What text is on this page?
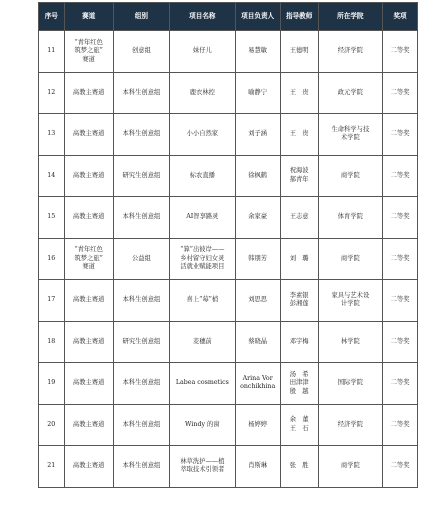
序号	赛道	组别	项目名称	项目负责人	指导教师	所在学院	奖项
11	“青年红色
筑梦之旅”
赛道	创意组	妹仔儿	易慧敏	王德明	经济学院	二等奖
12	高教主赛道	本科生创意组	鹿衣林控	喻静宁	王　贵	政元学院	二等奖
13	高教主赛道	本科生创意组	小小自然家	刘子涵	王　贵	生命科学与技
术学院	二等奖
14	高教主赛道	研究生创意组	标农直播	徐枫鹤	祝海波
郝青年	商学院	二等奖
15	高教主赛道	本科生创意组	AI智享路灵	余家豪	王志意	体育学院	二等奖
16	“青年红色
筑梦之旅”
赛道	公益组	“算”出彼岸——
乡村留守妇女灵
活就业赋能项目	韩朋芳	刘　璐	商学院	二等奖
17	高教主赛道	本科生创意组	喜上“莓”梢	刘思思	李素银
彭湘莲	家具与艺术设
计学院	二等奖
18	高教主赛道	研究生创意组	麦穗前	蔡晓晶	邓宇梅	林学院	二等奖
19	高教主赛道	本科生创意组	Labea cosmetics	Arina Vor
onchikhina	汤　希
田津津
殷　越	国际学院	二等奖
20	高教主赛道	本科生创意组	Windy 的窗	杨婷婷	余　董
王　石	经济学院	二等奖
21	高教主赛道	本科生创意组	林草洗护——植
萃取技术引领者	肖斯琳	张　胜	商学院	二等奖
